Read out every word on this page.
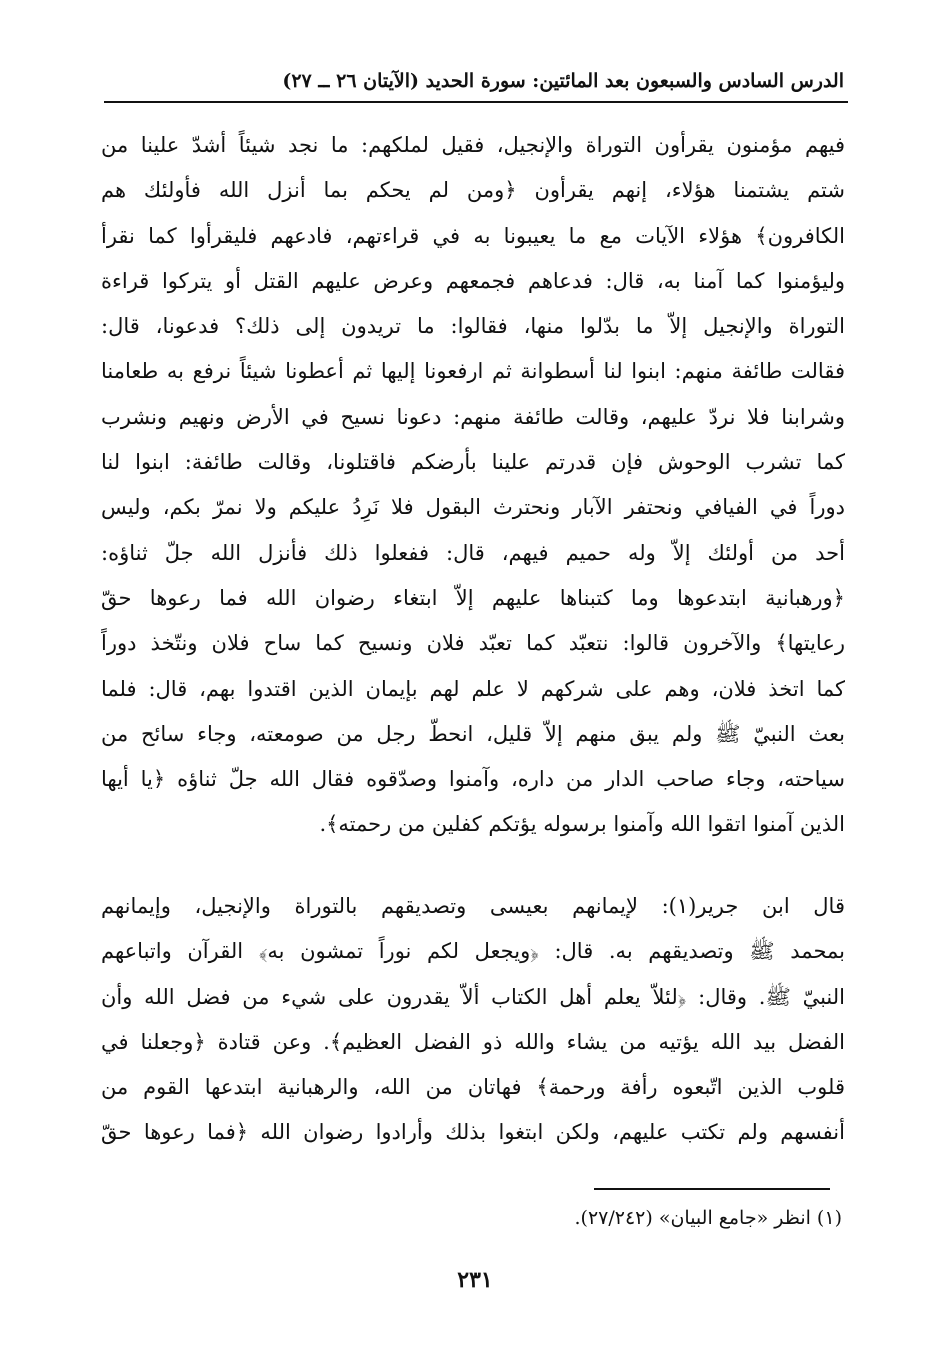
الدرس السادس والسبعون بعد المائتين: سورة الحديد (الآيتان ٢٦ ــ ٢٧)
فيهم مؤمنون يقرأون التوراة والإنجيل، فقيل لملكهم: ما نجد شيئاً أشدّ علينا من
شتم يشتمنا هؤلاء، إنهم يقرأون ﴿ومن لم يحكم بما أنزل الله فأولئك هم
الكافرون﴾ هؤلاء الآيات مع ما يعيبونا به في قراءتهم، فادعهم فليقرأوا كما نقرأ
وليؤمنوا كما آمنا به، قال: فدعاهم فجمعهم وعرض عليهم القتل أو يتركوا قراءة
التوراة والإنجيل إلاّ ما بدّلوا منها، فقالوا: ما تريدون إلى ذلك؟ فدعونا، قال:
فقالت طائفة منهم: ابنوا لنا أسطوانة ثم ارفعونا إليها ثم أعطونا شيئاً نرفع به طعامنا
وشرابنا فلا نردّ عليهم، وقالت طائفة منهم: دعونا نسيح في الأرض ونهيم ونشرب
كما تشرب الوحوش فإن قدرتم علينا بأرضكم فاقتلونا، وقالت طائفة: ابنوا لنا
دوراً في الفيافي ونحتفر الآبار ونحترث البقول فلا نَرِدُ عليكم ولا نمرّ بكم، وليس
أحد من أولئك إلاّ وله حميم فيهم، قال: ففعلوا ذلك فأنزل الله جلّ ثناؤه:
﴿ورهبانية ابتدعوها وما كتبناها عليهم إلاّ ابتغاء رضوان الله فما رعوها حقّ
رعايتها﴾ والآخرون قالوا: نتعبّد كما تعبّد فلان ونسيح كما ساح فلان ونتّخذ دوراً
كما اتخذ فلان، وهم على شركهم لا علم لهم بإيمان الذين اقتدوا بهم، قال: فلما
بعث النبيّ ﷺ ولم يبق منهم إلاّ قليل، انحطّ رجل من صومعته، وجاء سائح من
سياحته، وجاء صاحب الدار من داره، وآمنوا وصدّقوه فقال الله جلّ ثناؤه ﴿يا أيها
الذين آمنوا اتقوا الله وآمنوا برسوله يؤتكم كفلين من رحمته﴾.
قال ابن جرير(١): لإيمانهم بعيسى وتصديقهم بالتوراة والإنجيل، وإيمانهم
بمحمد ﷺ وتصديقهم به. قال: ﴿ويجعل لكم نوراً تمشون به﴾ القرآن واتباعهم
النبيّ ﷺ. وقال: ﴿لئلاّ يعلم أهل الكتاب ألاّ يقدرون على شيء من فضل الله وأن
الفضل بيد الله يؤتيه من يشاء والله ذو الفضل العظيم﴾. وعن قتادة ﴿وجعلنا في
قلوب الذين اتّبعوه رأفة ورحمة﴾ فهاتان من الله، والرهبانية ابتدعها القوم من
أنفسهم ولم تكتب عليهم، ولكن ابتغوا بذلك وأرادوا رضوان الله ﴿فما رعوها حقّ
(١) انظر «جامع البيان» (٢٧/٢٤٢).
٢٣١
